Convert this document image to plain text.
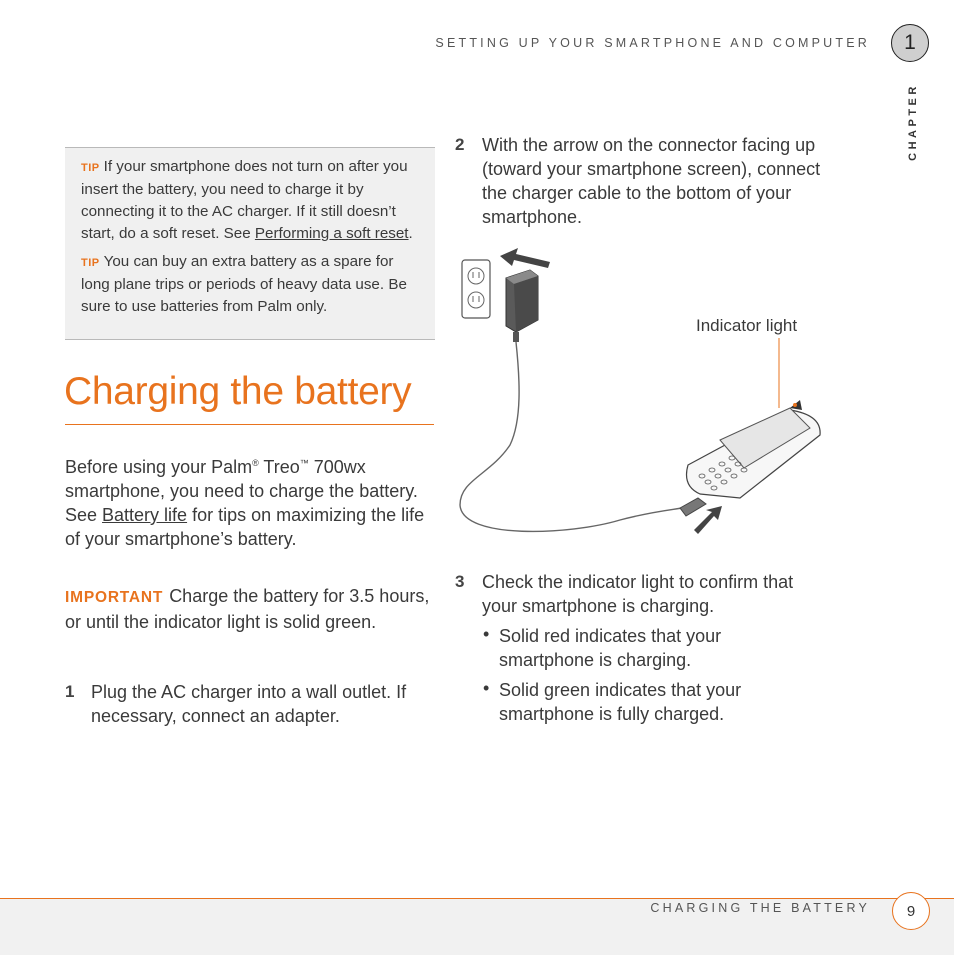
SETTING UP YOUR SMARTPHONE AND COMPUTER	1
CHAPTER

TIP If your smartphone does not turn on after you insert the battery, you need to charge it by connecting it to the AC charger. If it still doesn’t start, do a soft reset. See Performing a soft reset.

TIP You can buy an extra battery as a spare for long plane trips or periods of heavy data use. Be sure to use batteries from Palm only.

Charging the battery

Before using your Palm® Treo™ 700wx smartphone, you need to charge the battery. See Battery life for tips on maximizing the life of your smartphone’s battery.

IMPORTANT Charge the battery for 3.5 hours, or until the indicator light is solid green.

1 Plug the AC charger into a wall outlet. If necessary, connect an adapter.

2 With the arrow on the connector facing up (toward your smartphone screen), connect the charger cable to the bottom of your smartphone.

3 Check the indicator light to confirm that your smartphone is charging.

• Solid red indicates that your smartphone is charging.

• Solid green indicates that your smartphone is fully charged.

Indicator light
CHARGING THE BATTERY	9
